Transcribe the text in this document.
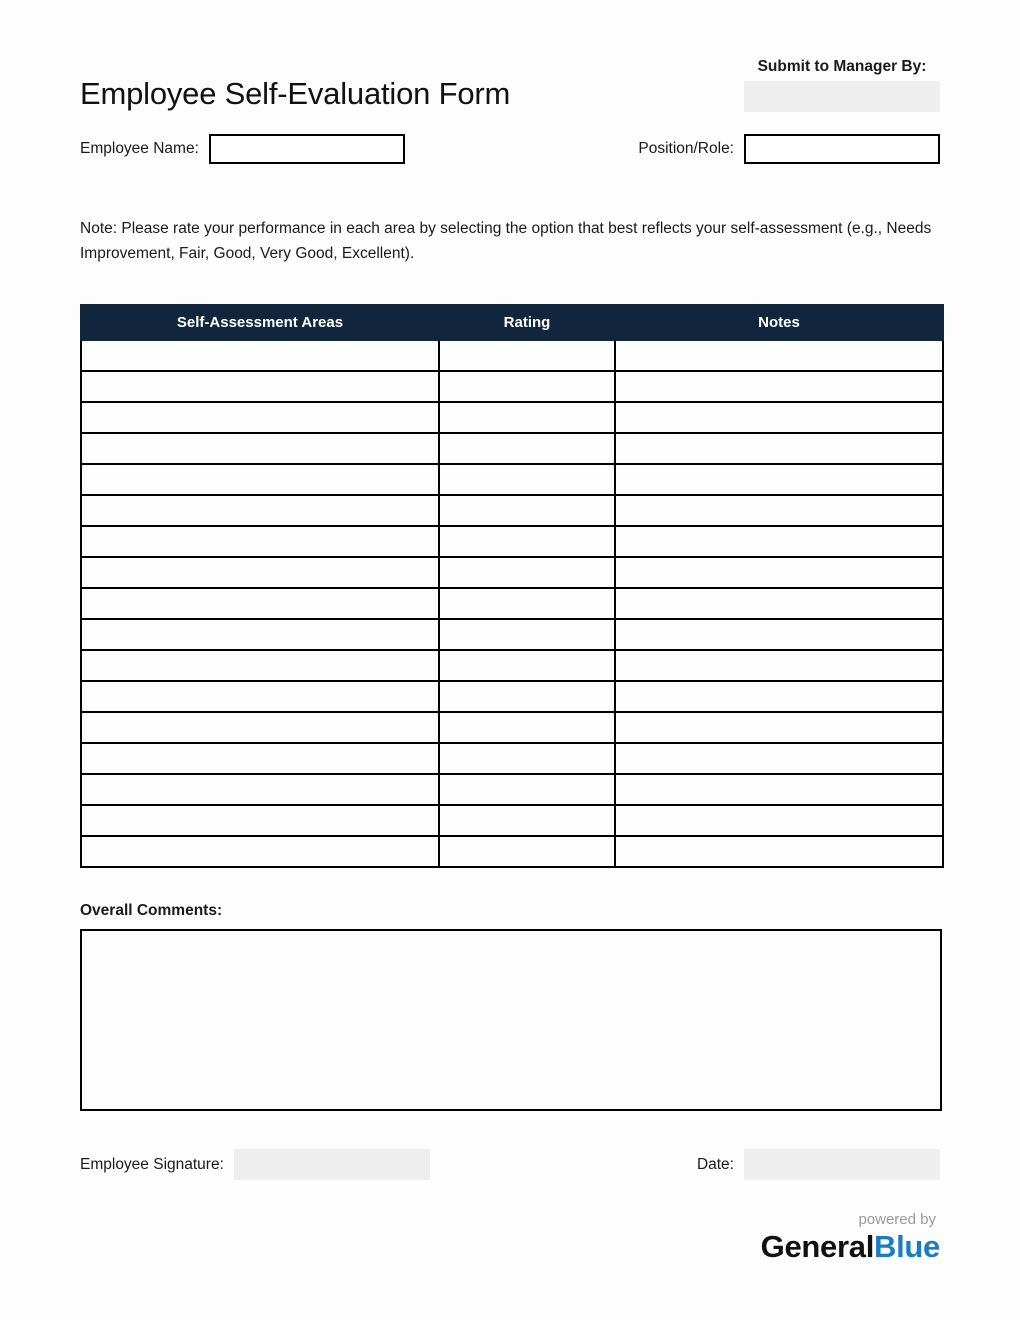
Employee Self-Evaluation Form
Submit to Manager By:
Employee Name:	Position/Role:

Note: Please rate your performance in each area by selecting the option that best reflects your self-assessment (e.g., Needs Improvement, Fair, Good, Very Good, Excellent).

Self-Assessment Areas	Rating	Notes

Overall Comments:
Employee Signature:	Date:
powered by
GeneralBlue
